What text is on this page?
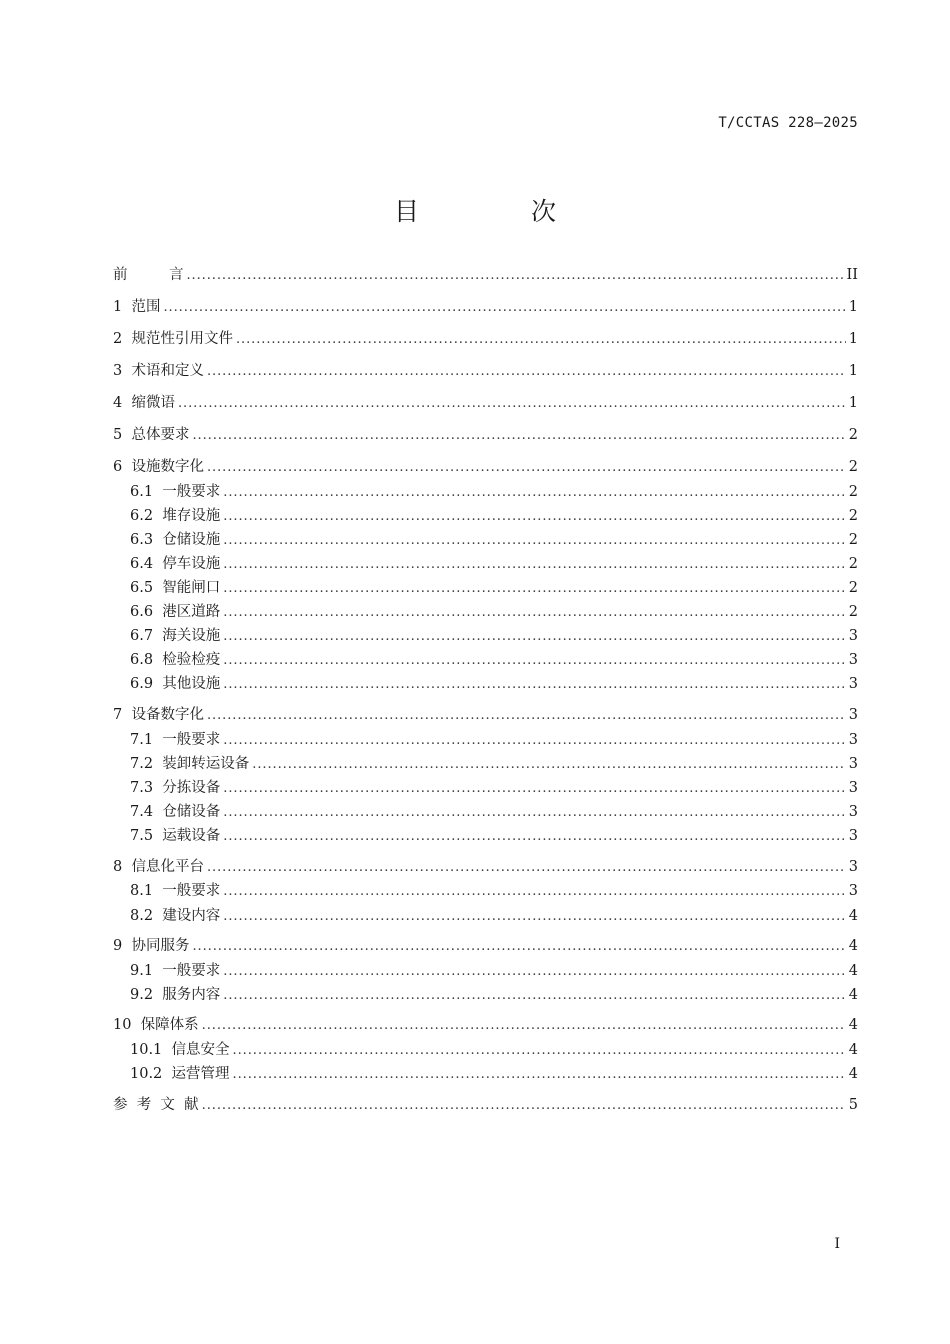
T/CCTAS 228—2025
目 次
前         言 . . .	II
1  范围 . . .	1
2  规范性引用文件 . . .	1
3  术语和定义 . . .	1
4  缩微语 . . .	1
5  总体要求 . . .	2
6  设施数字化 . . .	2
6.1  一般要求 . . .	2
6.2  堆存设施 . . .	2
6.3  仓储设施 . . .	2
6.4  停车设施 . . .	2
6.5  智能闸口 . . .	2
6.6  港区道路 . . .	2
6.7  海关设施 . . .	3
6.8  检验检疫 . . .	3
6.9  其他设施 . . .	3
7  设备数字化 . . .	3
7.1  一般要求 . . .	3
7.2  装卸转运设备 . . .	3
7.3  分拣设备 . . .	3
7.4  仓储设备 . . .	3
7.5  运载设备 . . .	3
8  信息化平台 . . .	3
8.1  一般要求 . . .	3
8.2  建设内容 . . .	4
9  协同服务 . . .	4
9.1  一般要求 . . .	4
9.2  服务内容 . . .	4
10  保障体系 . . .	4
10.1  信息安全 . . .	4
10.2  运营管理 . . .	4
参  考  文  献 . . .	5
I
